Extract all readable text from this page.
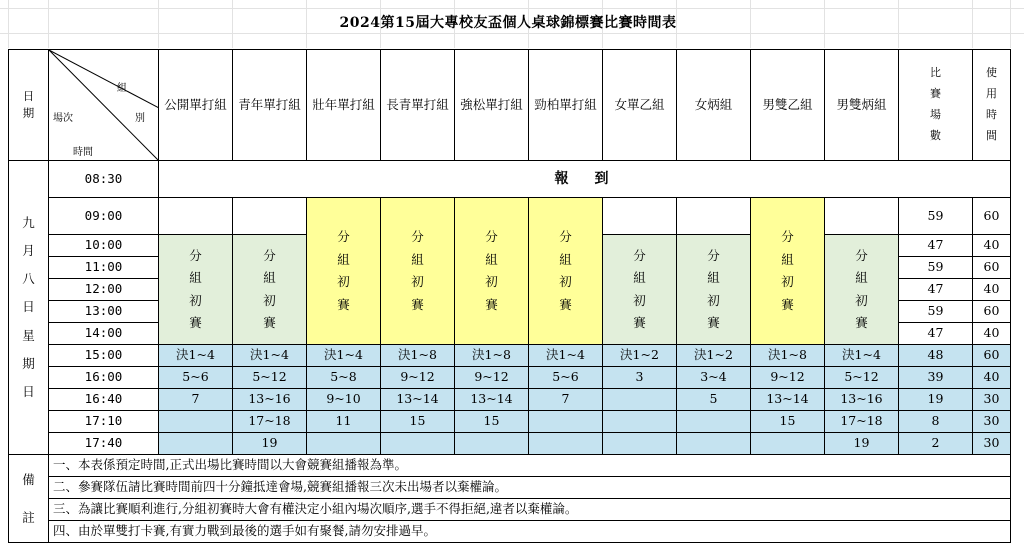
2024第15屆大專校友盃個人桌球錦標賽比賽時間表
日期	組
場次 別
時間	公開單打組	青年單打組	壯年單打組	長青單打組	強松單打組	勁柏單打組	女單乙組	女炳組	男雙乙組	男雙炳組	比賽場數	使用時間
九月八日星期日	08:30	報　到											
	09:00			分組初賽	分組初賽	分組初賽	分組初賽			分組初賽		59	60
	10:00	分組初賽	分組初賽					分組初賽	分組初賽		分組初賽	47	40
	11:00											59	60
	12:00											47	40
	13:00											59	60
	14:00											47	40
	15:00	決1~4	決1~4	決1~4	決1~8	決1~8	決1~4	決1~2	決1~2	決1~8	決1~4	48	60
	16:00	5~6	5~12	5~8	9~12	9~12	5~6	3	3~4	9~12	5~12	39	40
	16:40	7	13~16	9~10	13~14	13~14	7		5	13~14	13~16	19	30
	17:10		17~18	11	15	15				15	17~18	8	30
	17:40		19								19	2	30
備註	一、本表係預定時間,正式出場比賽時間以大會競賽組播報為準。												
	二、參賽隊伍請比賽時間前四十分鐘抵達會場,競賽組播報三次未出場者以棄權論。												
	三、為讓比賽順利進行,分組初賽時大會有權決定小組內場次順序,選手不得拒絕,違者以棄權論。												
	四、由於單雙打卡賽,有實力戰到最後的選手如有聚餐,請勿安排過早。												
